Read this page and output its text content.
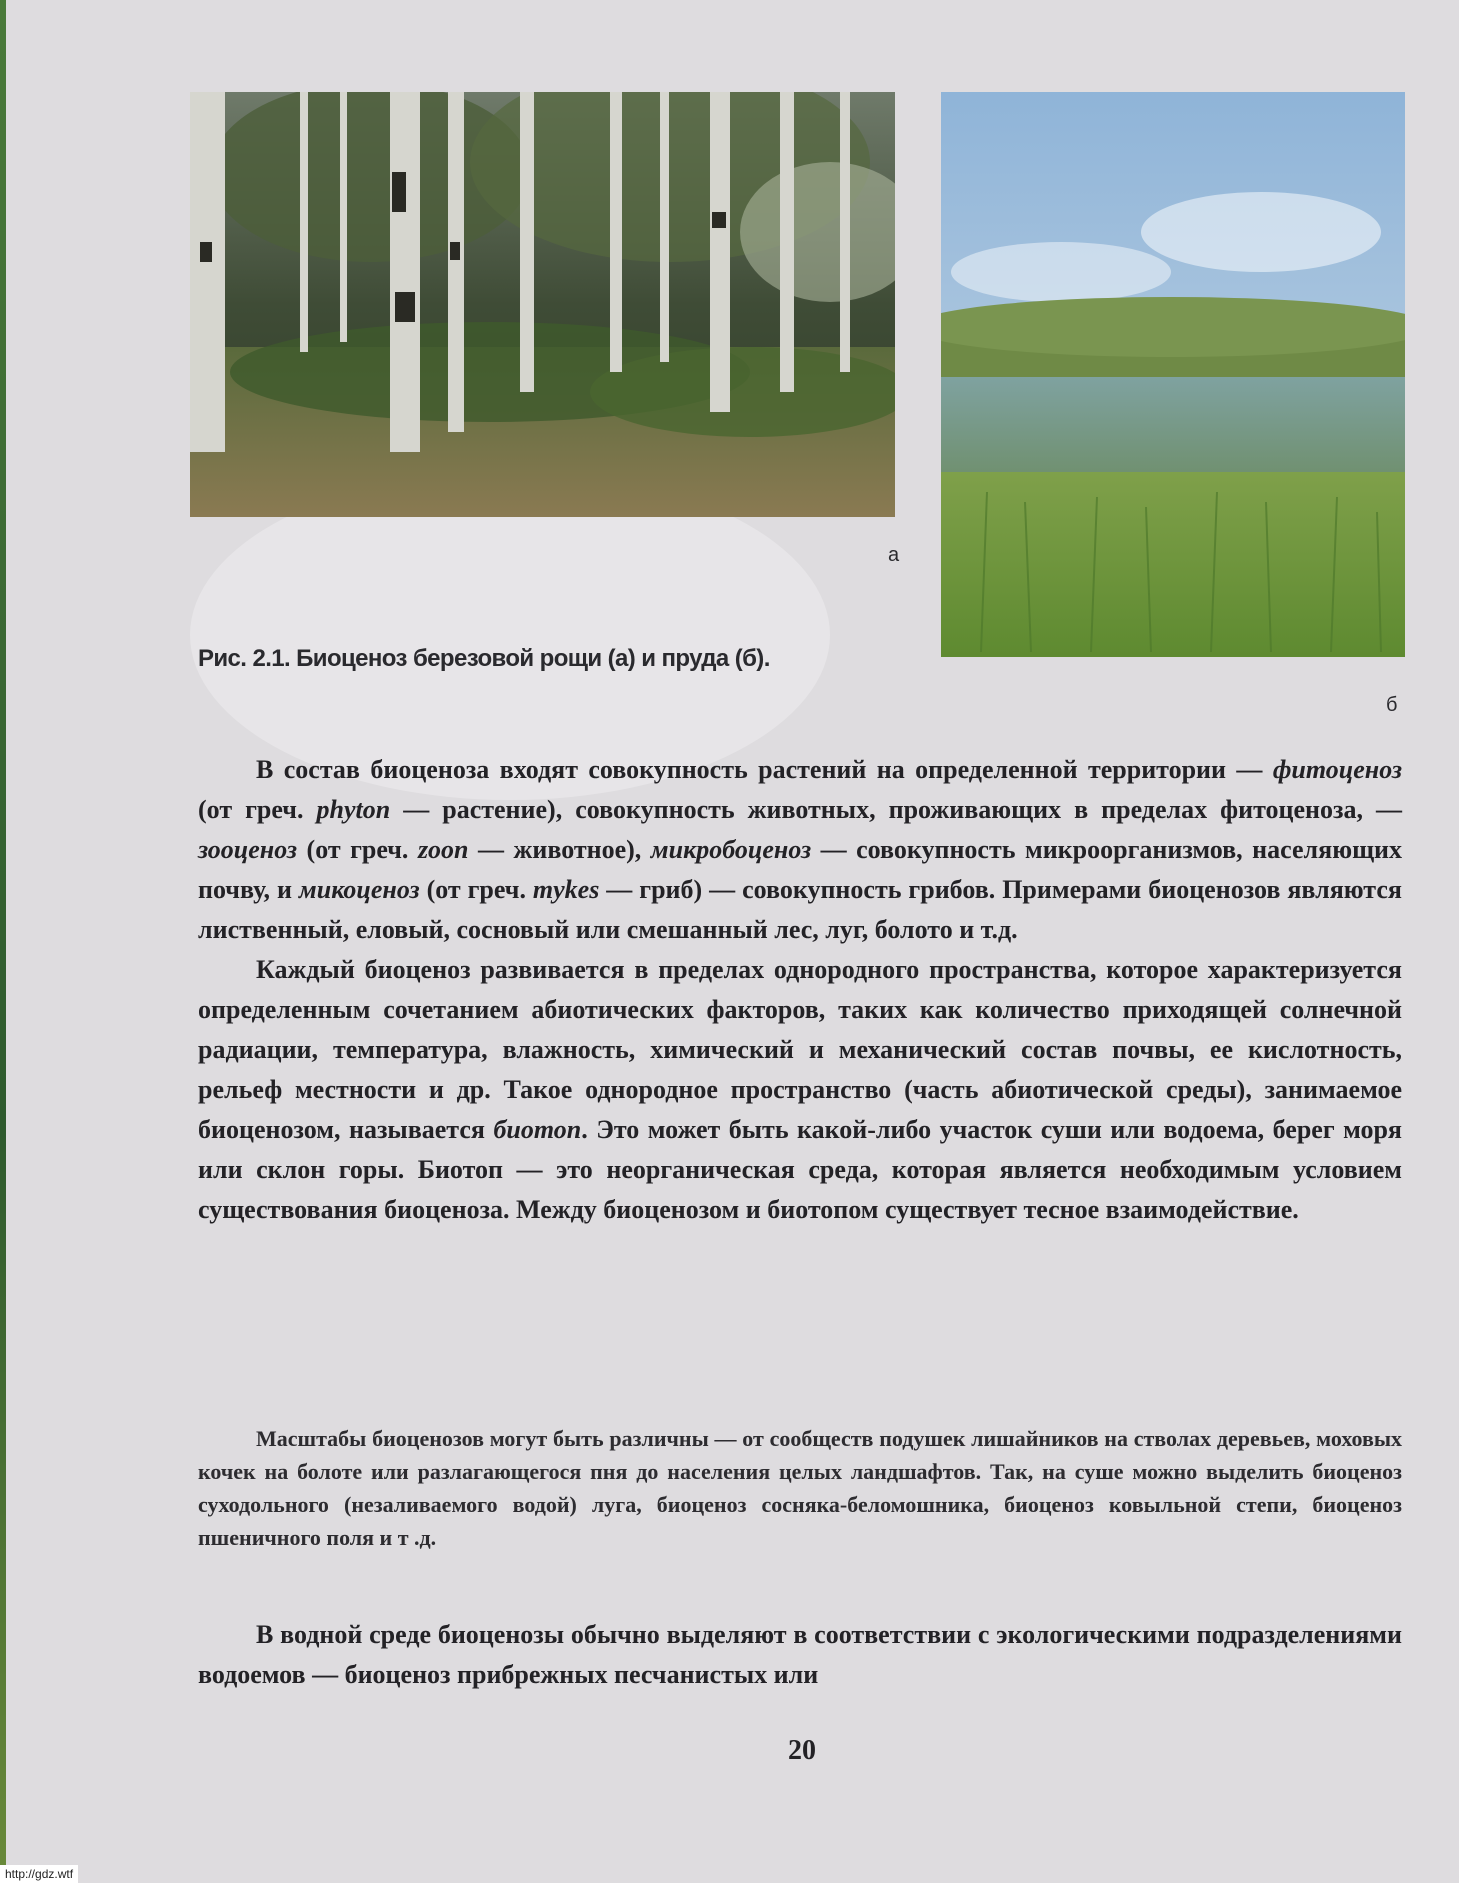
а
б
Рис. 2.1. Биоценоз березовой рощи (а) и пруда (б).

В состав биоценоза входят совокупность растений на определенной территории — фитоценоз (от греч. phyton — растение), совокупность животных, проживающих в пределах фитоценоза, — зооценоз (от греч. zoon — животное), микробоценоз — совокупность микроорганизмов, населяющих почву, и микоценоз (от греч. mykes — гриб) — совокупность грибов. Примерами биоценозов являются лиственный, еловый, сосновый или смешанный лес, луг, болото и т.д.

Каждый биоценоз развивается в пределах однородного пространства, которое характеризуется определенным сочетанием абиотических факторов, таких как количество приходящей солнечной радиации, температура, влажность, химический и механический состав почвы, ее кислотность, рельеф местности и др. Такое однородное пространство (часть абиотической среды), занимаемое биоценозом, называется биотоп. Это может быть какой-либо участок суши или водоема, берег моря или склон горы. Биотоп — это неорганическая среда, которая является необходимым условием существования биоценоза. Между биоценозом и биотопом существует тесное взаимодействие.

Масштабы биоценозов могут быть различны — от сообществ подушек лишайников на стволах деревьев, моховых кочек на болоте или разлагающегося пня до населения целых ландшафтов. Так, на суше можно выделить биоценоз суходольного (незаливаемого водой) луга, биоценоз сосняка-беломошника, биоценоз ковыльной степи, биоценоз пшеничного поля и т .д.

В водной среде биоценозы обычно выделяют в соответствии с экологическими подразделениями водоемов — биоценоз прибрежных песчанистых или

20
http://gdz.wtf
